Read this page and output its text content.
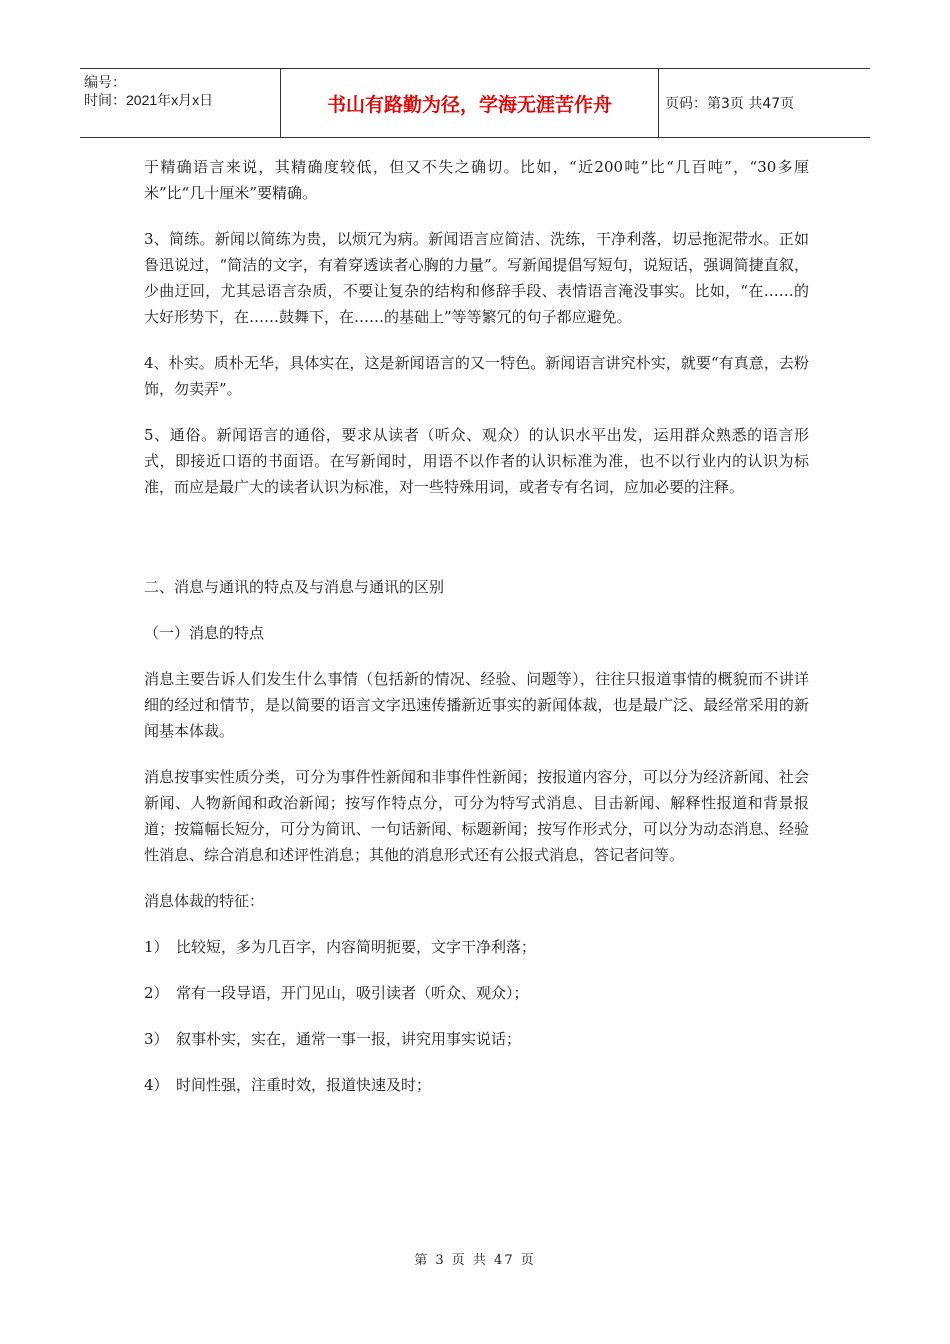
编号：
时间：2021年x月x日	书山有路勤为径，学海无涯苦作舟	页码：第3页 共47页

于精确语言来说，其精确度较低，但又不失之确切。比如，“近200吨”比“几百吨”，“30多厘米”比“几十厘米”要精确。

3、简练。新闻以简练为贵，以烦冗为病。新闻语言应简洁、洗练，干净利落，切忌拖泥带水。正如鲁迅说过，“简洁的文字，有着穿透读者心胸的力量”。写新闻提倡写短句，说短话，强调简捷直叙，少曲迂回，尤其忌语言杂质，不要让复杂的结构和修辞手段、表情语言淹没事实。比如，“在……的大好形势下，在……鼓舞下，在……的基础上”等等繁冗的句子都应避免。

4、朴实。质朴无华，具体实在，这是新闻语言的又一特色。新闻语言讲究朴实，就要“有真意，去粉饰，勿卖弄”。

5、通俗。新闻语言的通俗，要求从读者（听众、观众）的认识水平出发，运用群众熟悉的语言形式，即接近口语的书面语。在写新闻时，用语不以作者的认识标准为准，也不以行业内的认识为标准，而应是最广大的读者认识为标准，对一些特殊用词，或者专有名词，应加必要的注释。

二、消息与通讯的特点及与消息与通讯的区别

（一）消息的特点

消息主要告诉人们发生什么事情（包括新的情况、经验、问题等），往往只报道事情的概貌而不讲详细的经过和情节，是以简要的语言文字迅速传播新近事实的新闻体裁，也是最广泛、最经常采用的新闻基本体裁。

消息按事实性质分类，可分为事件性新闻和非事件性新闻；按报道内容分，可以分为经济新闻、社会新闻、人物新闻和政治新闻；按写作特点分，可分为特写式消息、目击新闻、解释性报道和背景报道；按篇幅长短分，可分为简讯、一句话新闻、标题新闻；按写作形式分，可以分为动态消息、经验性消息、综合消息和述评性消息；其他的消息形式还有公报式消息，答记者问等。

消息体裁的特征：

1）　比较短，多为几百字，内容简明扼要，文字干净利落；

2）　常有一段导语，开门见山，吸引读者（听众、观众）；

3）　叙事朴实，实在，通常一事一报，讲究用事实说话；

4）　时间性强，注重时效，报道快速及时；

第 3 页 共 47 页
